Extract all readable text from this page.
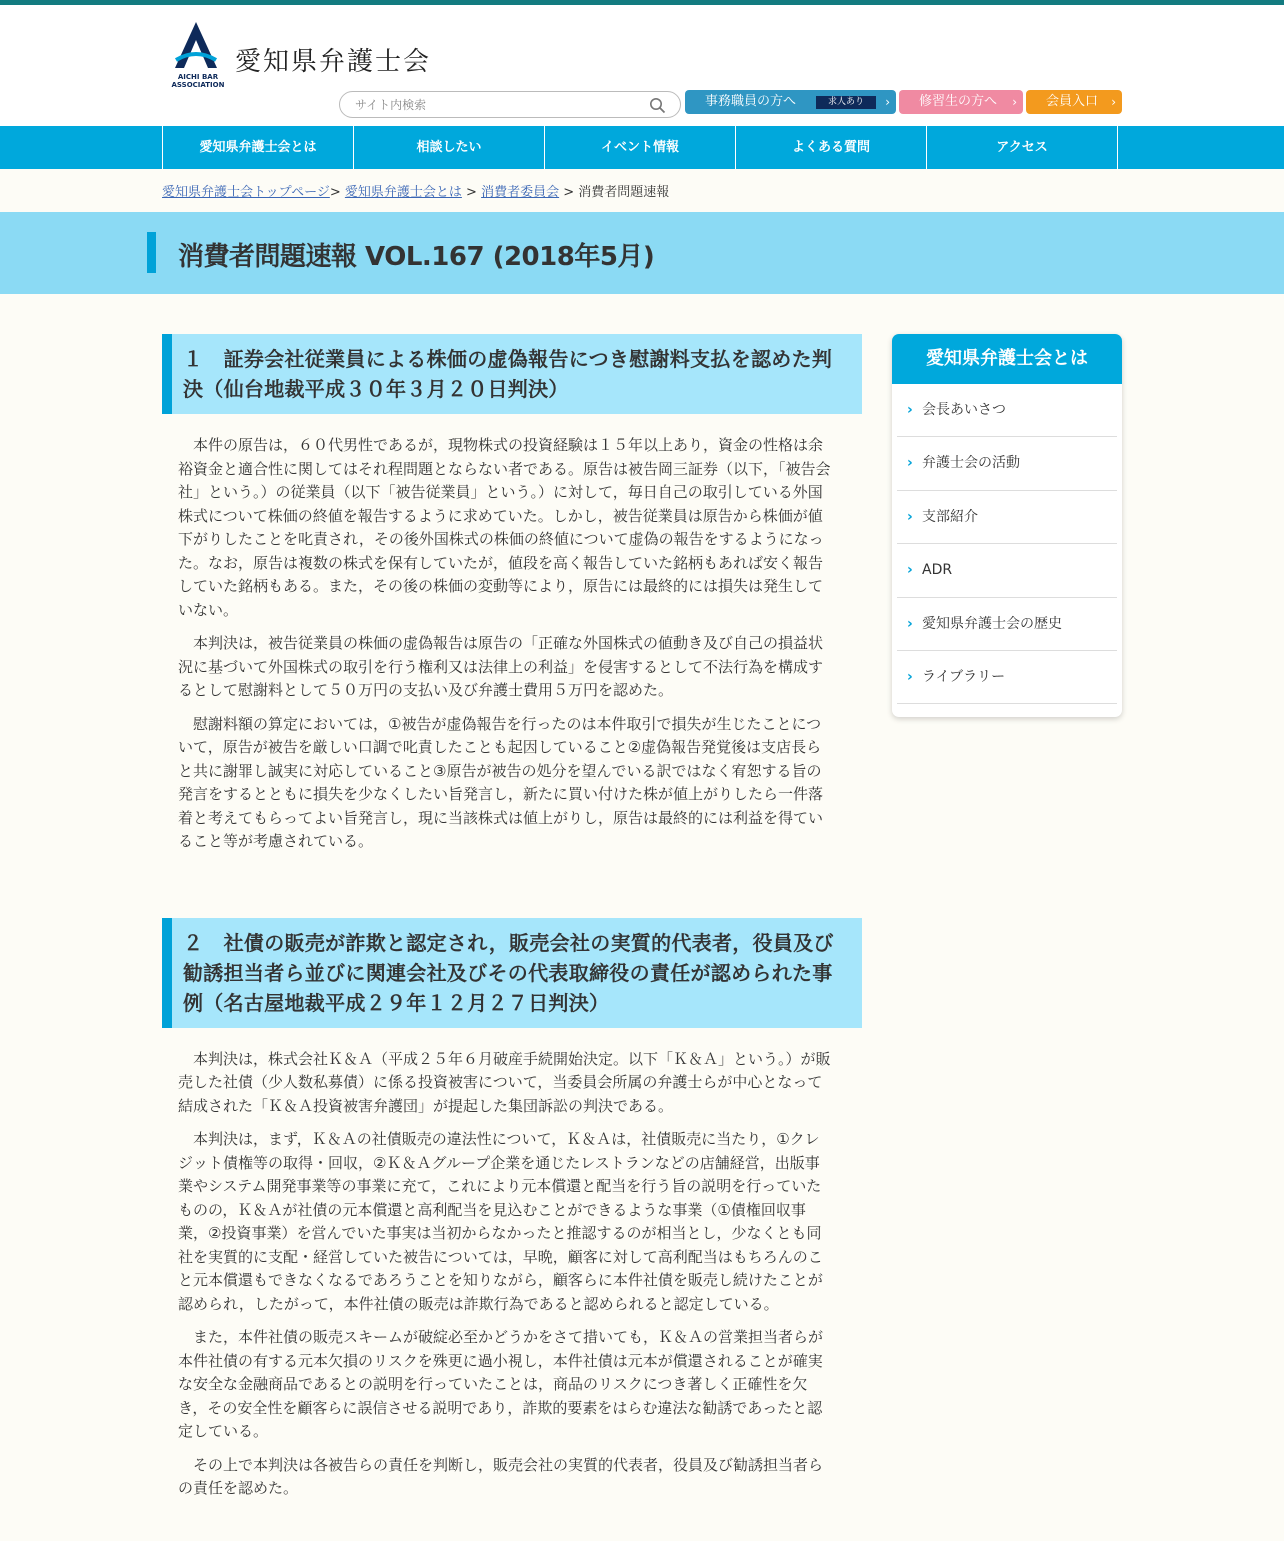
AICHI BAR ASSOCIATION
愛知県弁護士会
サイト内検索
事務職員の方へ	求人あり	›	修習生の方へ ›	会員入口 ›
愛知県弁護士会とは	相談したい	イベント情報	よくある質問	アクセス
愛知県弁護士会トップページ> 愛知県弁護士会とは > 消費者委員会 > 消費者問題速報
消費者問題速報 VOL.167 (2018年5月)
１　証券会社従業員による株価の虚偽報告につき慰謝料支払を認めた判決（仙台地裁平成３０年３月２０日判決）

本件の原告は，６０代男性であるが，現物株式の投資経験は１５年以上あり，資金の性格は余裕資金と適合性に関してはそれ程問題とならない者である。原告は被告岡三証券（以下，「被告会社」という。）の従業員（以下「被告従業員」という。）に対して，毎日自己の取引している外国株式について株価の終値を報告するように求めていた。しかし，被告従業員は原告から株価が値下がりしたことを叱責され，その後外国株式の株価の終値について虚偽の報告をするようになった。なお，原告は複数の株式を保有していたが，値段を高く報告していた銘柄もあれば安く報告していた銘柄もある。また，その後の株価の変動等により，原告には最終的には損失は発生していない。

本判決は，被告従業員の株価の虚偽報告は原告の「正確な外国株式の値動き及び自己の損益状況に基づいて外国株式の取引を行う権利又は法律上の利益」を侵害するとして不法行為を構成するとして慰謝料として５０万円の支払い及び弁護士費用５万円を認めた。

慰謝料額の算定においては，①被告が虚偽報告を行ったのは本件取引で損失が生じたことについて，原告が被告を厳しい口調で叱責したことも起因していること②虚偽報告発覚後は支店長らと共に謝罪し誠実に対応していること③原告が被告の処分を望んでいる訳ではなく宥恕する旨の発言をするとともに損失を少なくしたい旨発言し，新たに買い付けた株が値上がりしたら一件落着と考えてもらってよい旨発言し，現に当該株式は値上がりし，原告は最終的には利益を得ていること等が考慮されている。

２　社債の販売が詐欺と認定され，販売会社の実質的代表者，役員及び勧誘担当者ら並びに関連会社及びその代表取締役の責任が認められた事例（名古屋地裁平成２９年１２月２７日判決）

本判決は，株式会社Ｋ＆Ａ（平成２５年６月破産手続開始決定。以下「Ｋ＆Ａ」という。）が販売した社債（少人数私募債）に係る投資被害について，当委員会所属の弁護士らが中心となって結成された「Ｋ＆Ａ投資被害弁護団」が提起した集団訴訟の判決である。

本判決は，まず，Ｋ＆Ａの社債販売の違法性について，Ｋ＆Ａは，社債販売に当たり，①クレジット債権等の取得・回収，②Ｋ＆Ａグループ企業を通じたレストランなどの店舗経営，出版事業やシステム開発事業等の事業に充て，これにより元本償還と配当を行う旨の説明を行っていたものの，Ｋ＆Ａが社債の元本償還と高利配当を見込むことができるような事業（①債権回収事業，②投資事業）を営んでいた事実は当初からなかったと推認するのが相当とし，少なくとも同社を実質的に支配・経営していた被告については，早晩，顧客に対して高利配当はもちろんのこと元本償還もできなくなるであろうことを知りながら，顧客らに本件社債を販売し続けたことが認められ，したがって，本件社債の販売は詐欺行為であると認められると認定している。

また，本件社債の販売スキームが破綻必至かどうかをさて措いても，Ｋ＆Ａの営業担当者らが本件社債の有する元本欠損のリスクを殊更に過小視し，本件社債は元本が償還されることが確実な安全な金融商品であるとの説明を行っていたことは，商品のリスクにつき著しく正確性を欠き，その安全性を顧客らに誤信させる説明であり，詐欺的要素をはらむ違法な勧誘であったと認定している。

その上で本判決は各被告らの責任を判断し，販売会社の実質的代表者，役員及び勧誘担当者らの責任を認めた。

愛知県弁護士会とは
› 会長あいさつ
› 弁護士会の活動
› 支部紹介
› ADR
› 愛知県弁護士会の歴史
› ライブラリー
